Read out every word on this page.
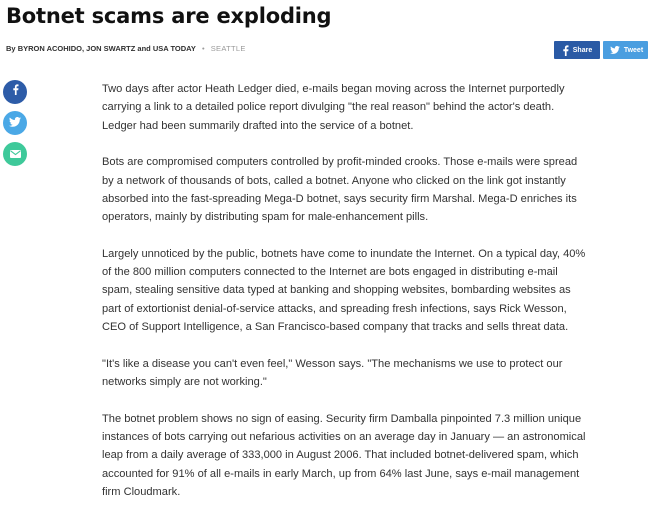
Botnet scams are exploding
By BYRON ACOHIDO, JON SWARTZ and USA TODAY • SEATTLE	Share	Tweet

Two days after actor Heath Ledger died, e-mails began moving across the Internet purportedly carrying a link to a detailed police report divulging "the real reason" behind the actor's death. Ledger had been summarily drafted into the service of a botnet.

Bots are compromised computers controlled by profit-minded crooks. Those e-mails were spread by a network of thousands of bots, called a botnet. Anyone who clicked on the link got instantly absorbed into the fast-spreading Mega-D botnet, says security firm Marshal. Mega-D enriches its operators, mainly by distributing spam for male-enhancement pills.

Largely unnoticed by the public, botnets have come to inundate the Internet. On a typical day, 40% of the 800 million computers connected to the Internet are bots engaged in distributing e-mail spam, stealing sensitive data typed at banking and shopping websites, bombarding websites as part of extortionist denial-of-service attacks, and spreading fresh infections, says Rick Wesson, CEO of Support Intelligence, a San Francisco-based company that tracks and sells threat data.

"It's like a disease you can't even feel," Wesson says. "The mechanisms we use to protect our networks simply are not working."

The botnet problem shows no sign of easing. Security firm Damballa pinpointed 7.3 million unique instances of bots carrying out nefarious activities on an average day in January — an astronomical leap from a daily average of 333,000 in August 2006. That included botnet-delivered spam, which accounted for 91% of all e-mails in early March, up from 64% last June, says e-mail management firm Cloudmark.
